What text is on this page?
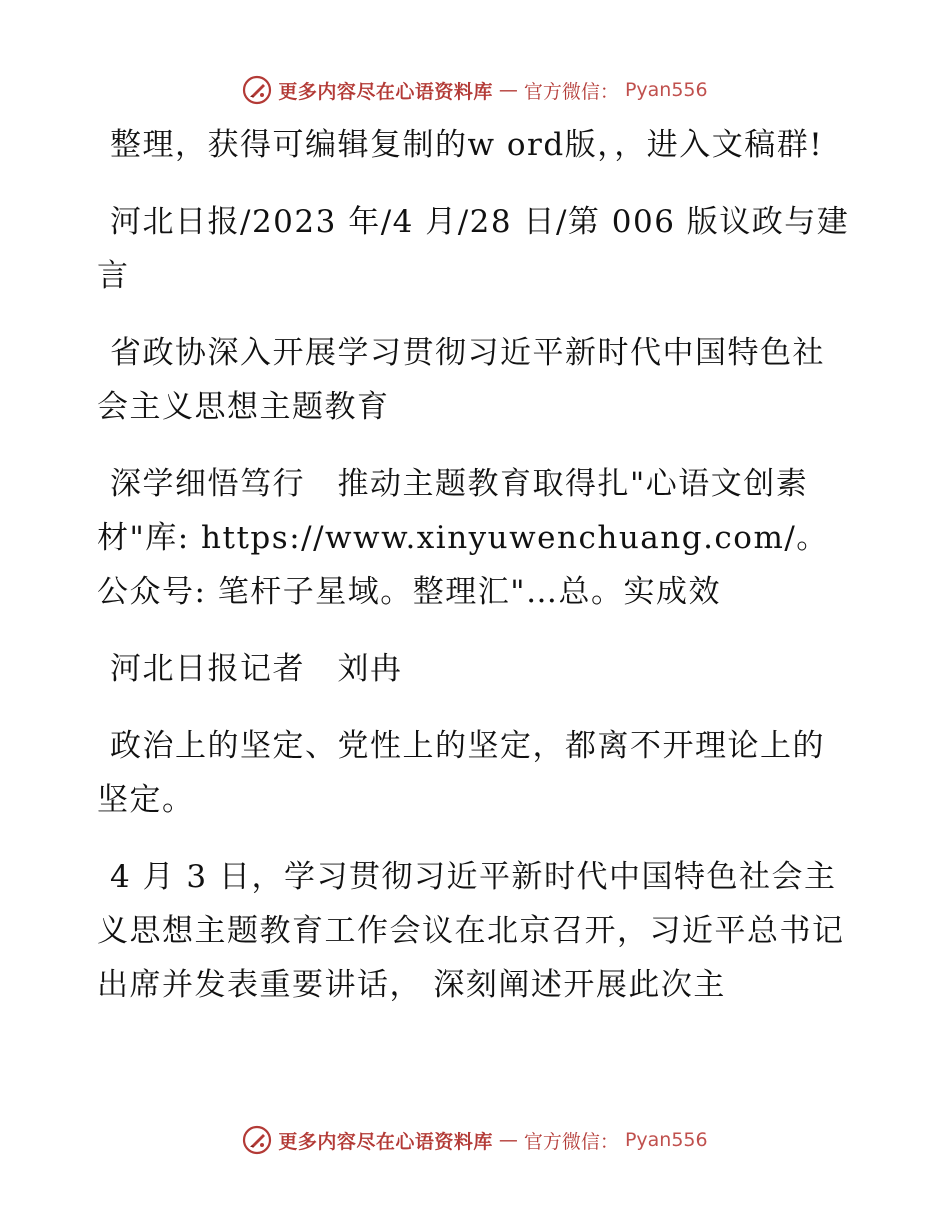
更多内容尽在心语资料库 — 官方微信： Pyan556

整理，获得可编辑复制的w ord版，，进入文稿群!

河北日报/2023 年/4 月/28 日/第 006 版议政与建言

省政协深入开展学习贯彻习近平新时代中国特色社会主义思想主题教育

深学细悟笃行　推动主题教育取得扎"心语文创素材"库: https://www.xinyuwenchuang.com/。公众号: 笔杆子星域。整理汇"…总。实成效

河北日报记者　刘冉

政治上的坚定、党性上的坚定，都离不开理论上的坚定。

4 月 3 日，学习贯彻习近平新时代中国特色社会主义思想主题教育工作会议在北京召开，习近平总书记出席并发表重要讲话， 深刻阐述开展此次主

更多内容尽在心语资料库 — 官方微信： Pyan556
